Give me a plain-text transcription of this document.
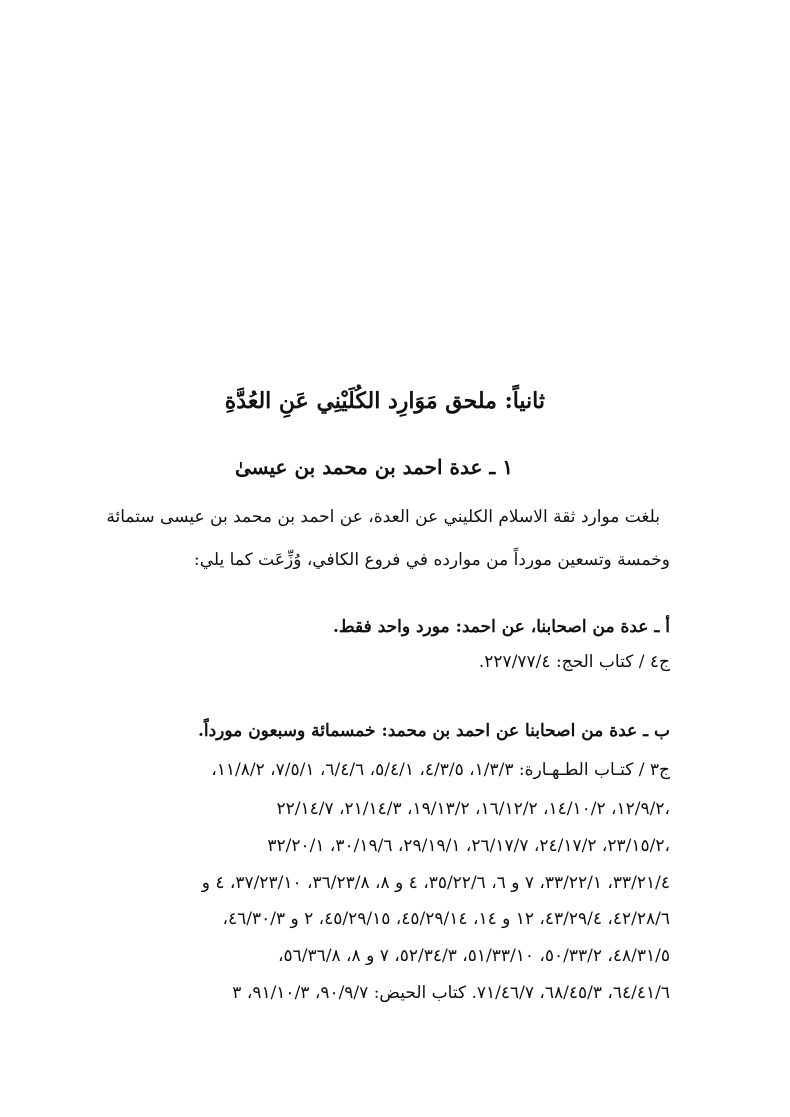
ثانياً: ملحق مَوَارِد الكُلَيْنِي عَنِ العُدَّةِ
١ ـ عدة احمد بن محمد بن عيسىٰ
بلغت موارد ثقة الاسلام الكليني عن العدة، عن احمد بن محمد بن عيسى ستمائة
وخمسة وتسعين مورداً من موارده في فروع الكافي، وُزِّعَت كما يلي:
أ ـ عدة من اصحابنا، عن احمد: مورد واحد فقط.
ج٤ / كتاب الحج: ٢٢٧/٧٧/٤.
ب ـ عدة من اصحابنا عن احمد بن محمد: خمسمائة وسبعون مورداً.
ج٣ / كتـاب الطـهـارة: ١/٣/٣، ٤/٣/٥، ٥/٤/١، ٦/٤/٦، ٧/٥/١، ١١/٨/٢،
١٢/٩/٢، ١٤/١٠/٢، ١٦/١٢/٢، ١٩/١٣/٢، ٢١/١٤/٣، ٢٢/١٤/٧،
٢٣/١٥/٢، ٢٤/١٧/٢، ٢٦/١٧/٧، ٢٩/١٩/١، ٣٠/١٩/٦، ٣٢/٢٠/١،
٣٣/٢١/٤، ٣٣/٢٢/١، ٧ و ٦، ٣٥/٢٢/٦، ٤ و ٨، ٣٦/٢٣/٨، ٣٧/٢٣/١٠، ٤ و
٤٢/٢٨/٦، ٤٣/٢٩/٤، ١٢ و ١٤، ٤٥/٢٩/١٤، ٤٥/٢٩/١٥، ٢ و ٤٦/٣٠/٣،
٤٨/٣١/٥، ٥٠/٣٣/٢، ٥١/٣٣/١٠، ٥٢/٣٤/٣، ٧ و ٨، ٥٦/٣٦/٨،
٦٤/٤١/٦، ٦٨/٤٥/٣، ٧١/٤٦/٧. كتاب الحيض: ٩٠/٩/٧، ٩١/١٠/٣، ٣
